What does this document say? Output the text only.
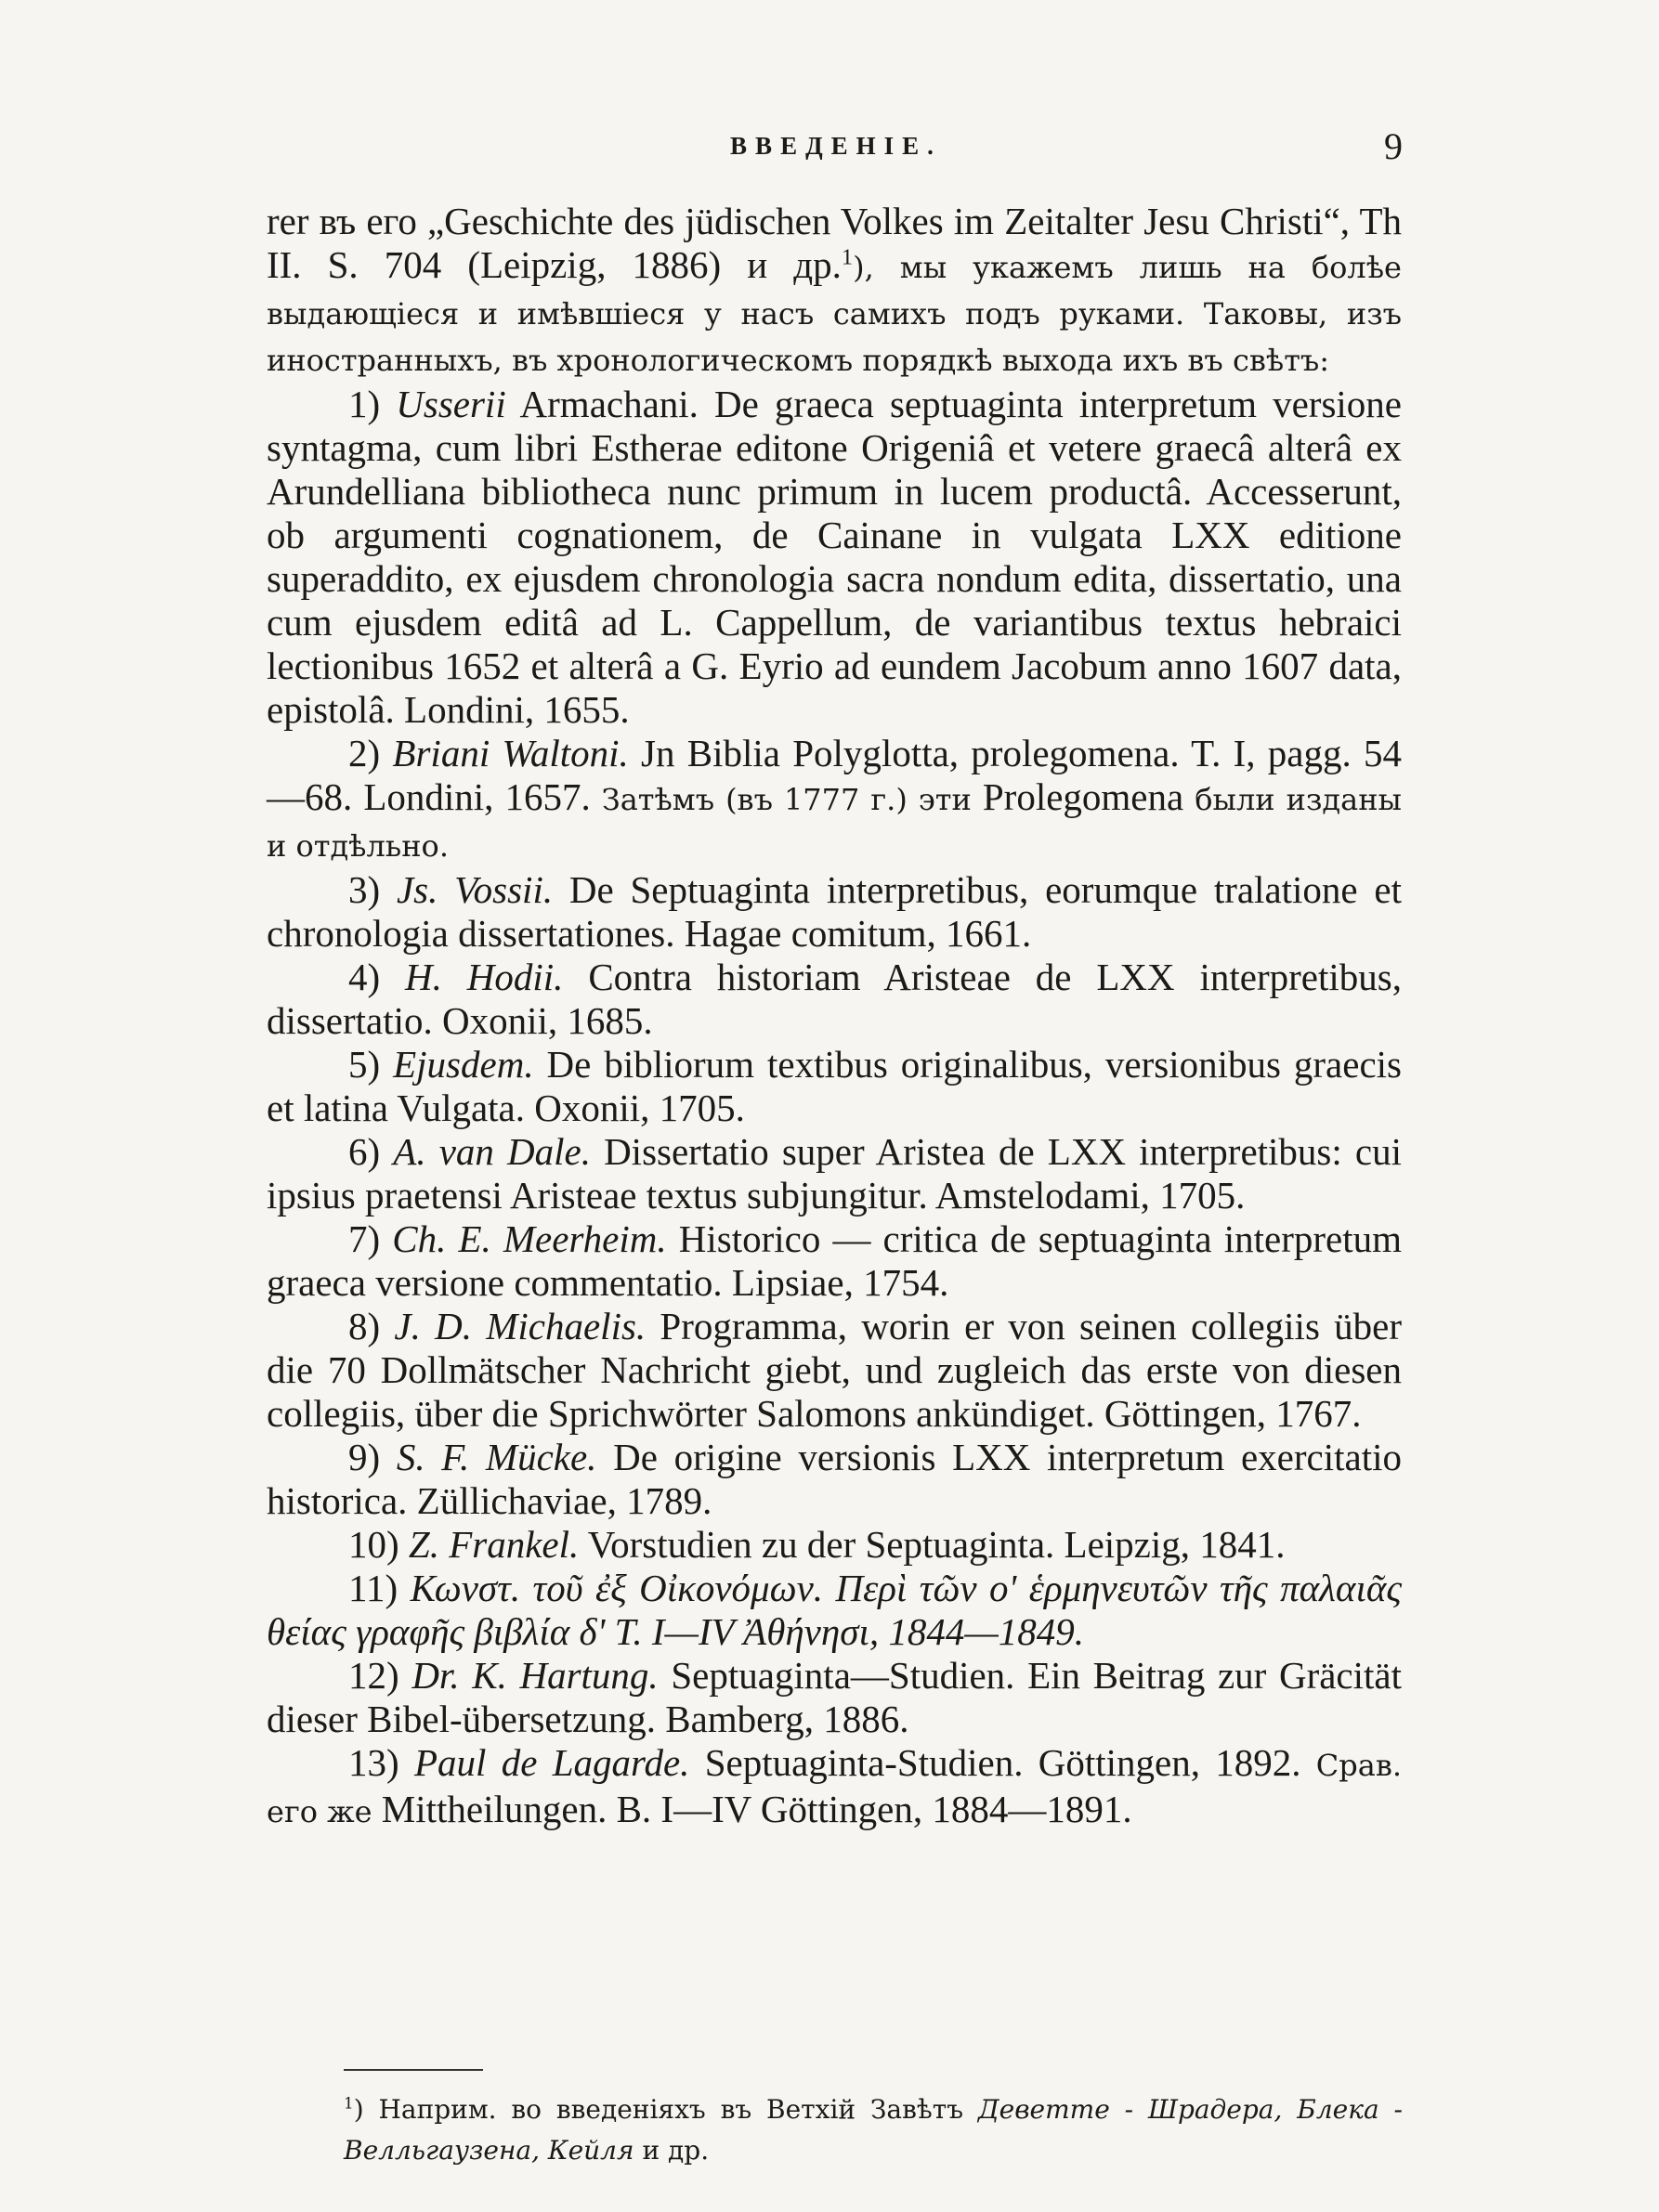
ВВЕДЕНІЕ.	9

rer въ его „Geschichte des jüdischen Volkes im Zeitalter Jesu Christi“, Th II. S. 704 (Leipzig, 1886) и др.$^1$), мы укажемъ лишь на болѣе выдающіеся и имѣвшіеся у насъ самихъ подъ руками. Таковы, изъ иностранныхъ, въ хронологическомъ порядкѣ выхода ихъ въ свѣтъ:

1) Usserii Armachani. De graeca septuaginta interpretum versione syntagma, cum libri Estherae editone Origeniâ et vetere graecâ alterâ ex Arundelliana bibliotheca nunc primum in lucem productâ. Accesserunt, ob argumenti cognationem, de Cainane in vulgata LXX editione superaddito, ex ejusdem chronologia sacra nondum edita, dissertatio, una cum ejusdem editâ ad L. Cappellum, de variantibus textus hebraici lectionibus 1652 et alterâ a G. Eyrio ad eundem Jacobum anno 1607 data, epistolâ. Londini, 1655.

2) Briani Waltoni. Jn Biblia Polyglotta, prolegomena. T. I, pagg. 54—68. Londini, 1657. Затѣмъ (въ 1777 г.) эти Prolegomena были изданы и отдѣльно.

3) Js. Vossii. De Septuaginta interpretibus, eorumque tralatione et chronologia dissertationes. Hagae comitum, 1661.

4) H. Hodii. Contra historiam Aristeae de LXX interpretibus, dissertatio. Oxonii, 1685.

5) Ejusdem. De bibliorum textibus originalibus, versionibus graecis et latina Vulgata. Oxonii, 1705.

6) A. van Dale. Dissertatio super Aristea de LXX interpretibus: cui ipsius praetensi Aristeae textus subjungitur. Amstelodami, 1705.

7) Ch. E. Meerheim. Historico — critica de septuaginta interpretum graeca versione commentatio. Lipsiae, 1754.

8) J. D. Michaelis. Programma, worin er von seinen collegiis über die 70 Dollmätscher Nachricht giebt, und zugleich das erste von diesen collegiis, über die Sprichwörter Salomons ankündiget. Göttingen, 1767.

9) S. F. Mücke. De origine versionis LXX interpretum exercitatio historica. Züllichaviae, 1789.

10) Z. Frankel. Vorstudien zu der Septuaginta. Leipzig, 1841.

11) Κωνστ. τοῦ ἐξ Οἰκονόμων. Περὶ τῶν ο' ἑρμηνευτῶν τῆς παλαιᾶς θείας γραφῆς βιβλία δ' Τ. I—IV Ἀθήνησι, 1844—1849.

12) Dr. K. Hartung. Septuaginta—Studien. Ein Beitrag zur Gräcität dieser Bibel-übersetzung. Bamberg, 1886.

13) Paul de Lagarde. Septuaginta-Studien. Göttingen, 1892. Срав. его же Mittheilungen. B. I—IV Göttingen, 1884—1891.

$^1$) Наприм. во введеніяхъ въ Ветхій Завѣтъ Деветте - Шрадера, Блека - Велльгаузена, Кейля и др.
